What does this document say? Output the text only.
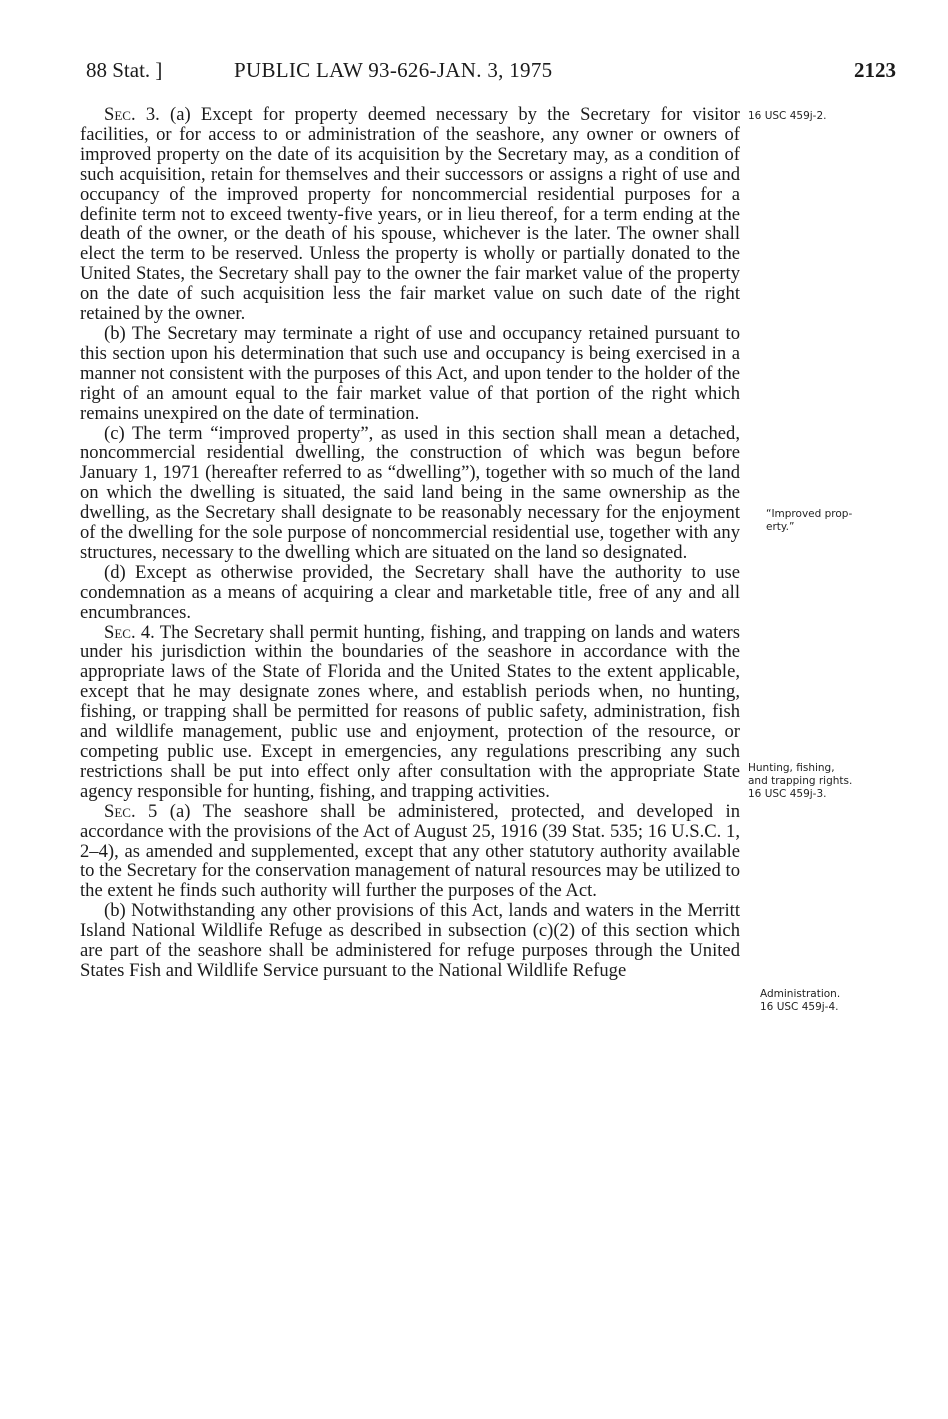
88 Stat. ]	PUBLIC LAW 93-626-JAN. 3, 1975	2123

Sec. 3. (a) Except for property deemed necessary by the Secretary for visitor facilities, or for access to or administration of the seashore, any owner or owners of improved property on the date of its acquisition by the Secretary may, as a condition of such acquisition, retain for themselves and their successors or assigns a right of use and occupancy of the improved property for noncommercial residential purposes for a definite term not to exceed twenty-five years, or in lieu thereof, for a term ending at the death of the owner, or the death of his spouse, whichever is the later. The owner shall elect the term to be reserved. Unless the property is wholly or partially donated to the United States, the Secretary shall pay to the owner the fair market value of the property on the date of such acquisition less the fair market value on such date of the right retained by the owner.

(b) The Secretary may terminate a right of use and occupancy retained pursuant to this section upon his determination that such use and occupancy is being exercised in a manner not consistent with the purposes of this Act, and upon tender to the holder of the right of an amount equal to the fair market value of that portion of the right which remains unexpired on the date of termination.

(c) The term “improved property”, as used in this section shall mean a detached, noncommercial residential dwelling, the construction of which was begun before January 1, 1971 (hereafter referred to as “dwelling”), together with so much of the land on which the dwelling is situated, the said land being in the same ownership as the dwelling, as the Secretary shall designate to be reasonably necessary for the enjoyment of the dwelling for the sole purpose of noncommercial residential use, together with any structures, necessary to the dwelling which are situated on the land so designated.

(d) Except as otherwise provided, the Secretary shall have the authority to use condemnation as a means of acquiring a clear and marketable title, free of any and all encumbrances.

Sec. 4. The Secretary shall permit hunting, fishing, and trapping on lands and waters under his jurisdiction within the boundaries of the seashore in accordance with the appropriate laws of the State of Florida and the United States to the extent applicable, except that he may designate zones where, and establish periods when, no hunting, fishing, or trapping shall be permitted for reasons of public safety, administration, fish and wildlife management, public use and enjoyment, protection of the resource, or competing public use. Except in emergencies, any regulations prescribing any such restrictions shall be put into effect only after consultation with the appropriate State agency responsible for hunting, fishing, and trapping activities.

Sec. 5 (a) The seashore shall be administered, protected, and developed in accordance with the provisions of the Act of August 25, 1916 (39 Stat. 535; 16 U.S.C. 1, 2–4), as amended and supplemented, except that any other statutory authority available to the Secretary for the conservation management of natural resources may be utilized to the extent he finds such authority will further the purposes of the Act.

(b) Notwithstanding any other provisions of this Act, lands and waters in the Merritt Island National Wildlife Refuge as described in subsection (c)(2) of this section which are part of the seashore shall be administered for refuge purposes through the United States Fish and Wildlife Service pursuant to the National Wildlife Refuge

16 USC 459j-2.
“Improved prop-
erty.”
Hunting, fishing,
and trapping rights.
16 USC 459j-3.
Administration.
16 USC 459j-4.
